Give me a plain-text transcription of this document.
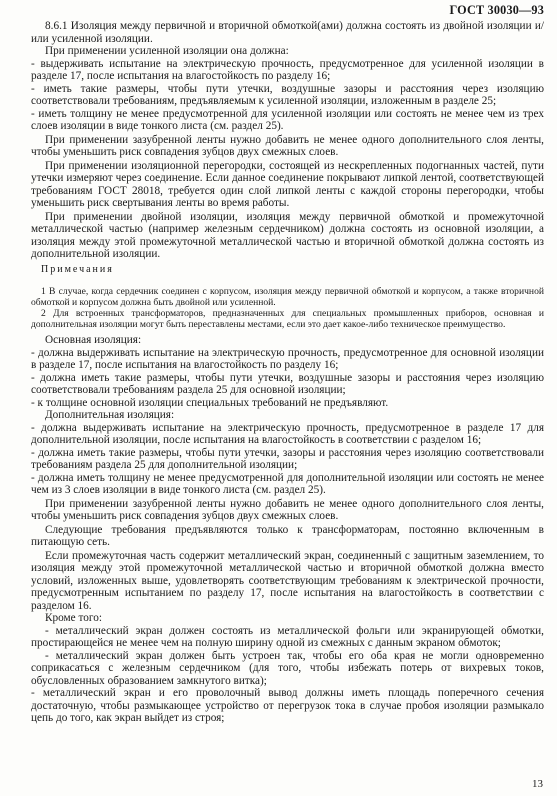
ГОСТ 30030—93

8.6.1 Изоляция между первичной и вторичной обмоткой(ами) должна состоять из двойной изоляции и/или усиленной изоляции.

При применении усиленной изоляции она должна:

- выдерживать испытание на электрическую прочность, предусмотренное для усиленной изоляции в разделе 17, после испытания на влагостойкость по разделу 16;

- иметь такие размеры, чтобы пути утечки, воздушные зазоры и расстояния через изоляцию соответствовали требованиям, предъявляемым к усиленной изоляции, изложенным в разделе 25;

- иметь толщину не менее предусмотренной для усиленной изоляции или состоять не менее чем из трех слоев изоляции в виде тонкого листа (см. раздел 25).

При применении зазубренной ленты нужно добавить не менее одного дополнительного слоя ленты, чтобы уменьшить риск совпадения зубцов двух смежных слоев.

При применении изоляционной перегородки, состоящей из нескрепленных подогнанных частей, пути утечки измеряют через соединение. Если данное соединение покрывают липкой лентой, соответствующей требованиям ГОСТ 28018, требуется один слой липкой ленты с каждой стороны перегородки, чтобы уменьшить риск свертывания ленты во время работы.

При применении двойной изоляции, изоляция между первичной обмоткой и промежуточной металлической частью (например железным сердечником) должна состоять из основной изоляции, а изоляция между этой промежуточной металлической частью и вторичной обмоткой должна состоять из дополнительной изоляции.

Примечания

1 В случае, когда сердечник соединен с корпусом, изоляция между первичной обмоткой и корпусом, а также вторичной обмоткой и корпусом должна быть двойной или усиленной.

2 Для встроенных трансформаторов, предназначенных для специальных промышленных приборов, основная и дополнительная изоляции могут быть переставлены местами, если это дает какое-либо техническое преимущество.

Основная изоляция:

- должна выдерживать испытание на электрическую прочность, предусмотренное для основной изоляции в разделе 17, после испытания на влагостойкость по разделу 16;

- должна иметь такие размеры, чтобы пути утечки, воздушные зазоры и расстояния через изоляцию соответствовали требованиям раздела 25 для основной изоляции;

- к толщине основной изоляции специальных требований не предъявляют.

Дополнительная изоляция:

- должна выдерживать испытание на электрическую прочность, предусмотренное в разделе 17 для дополнительной изоляции, после испытания на влагостойкость в соответствии с разделом 16;

- должна иметь такие размеры, чтобы пути утечки, зазоры и расстояния через изоляцию соответствовали требованиям раздела 25 для дополнительной изоляции;

- должна иметь толщину не менее предусмотренной для дополнительной изоляции или состоять не менее чем из 3 слоев изоляции в виде тонкого листа (см. раздел 25).

При применении зазубренной ленты нужно добавить не менее одного дополнительного слоя ленты, чтобы уменьшить риск совпадения зубцов двух смежных слоев.

Следующие требования предъявляются только к трансформаторам, постоянно включенным в питающую сеть.

Если промежуточная часть содержит металлический экран, соединенный с защитным заземлением, то изоляция между этой промежуточной металлической частью и вторичной обмоткой должна вместо условий, изложенных выше, удовлетворять соответствующим требованиям к электрической прочности, предусмотренным испытанием по разделу 17, после испытания на влагостойкость в соответствии с разделом 16.

Кроме того:

- металлический экран должен состоять из металлической фольги или экранирующей обмотки, простирающейся не менее чем на полную ширину одной из смежных с данным экраном обмоток;

- металлический экран должен быть устроен так, чтобы его оба края не могли одновременно соприкасаться с железным сердечником (для того, чтобы избежать потерь от вихревых токов, обусловленных образованием замкнутого витка);

- металлический экран и его проволочный вывод должны иметь площадь поперечного сечения достаточную, чтобы размыкающее устройство от перегрузок тока в случае пробоя изоляции размыкало цепь до того, как экран выйдет из строя;

13
